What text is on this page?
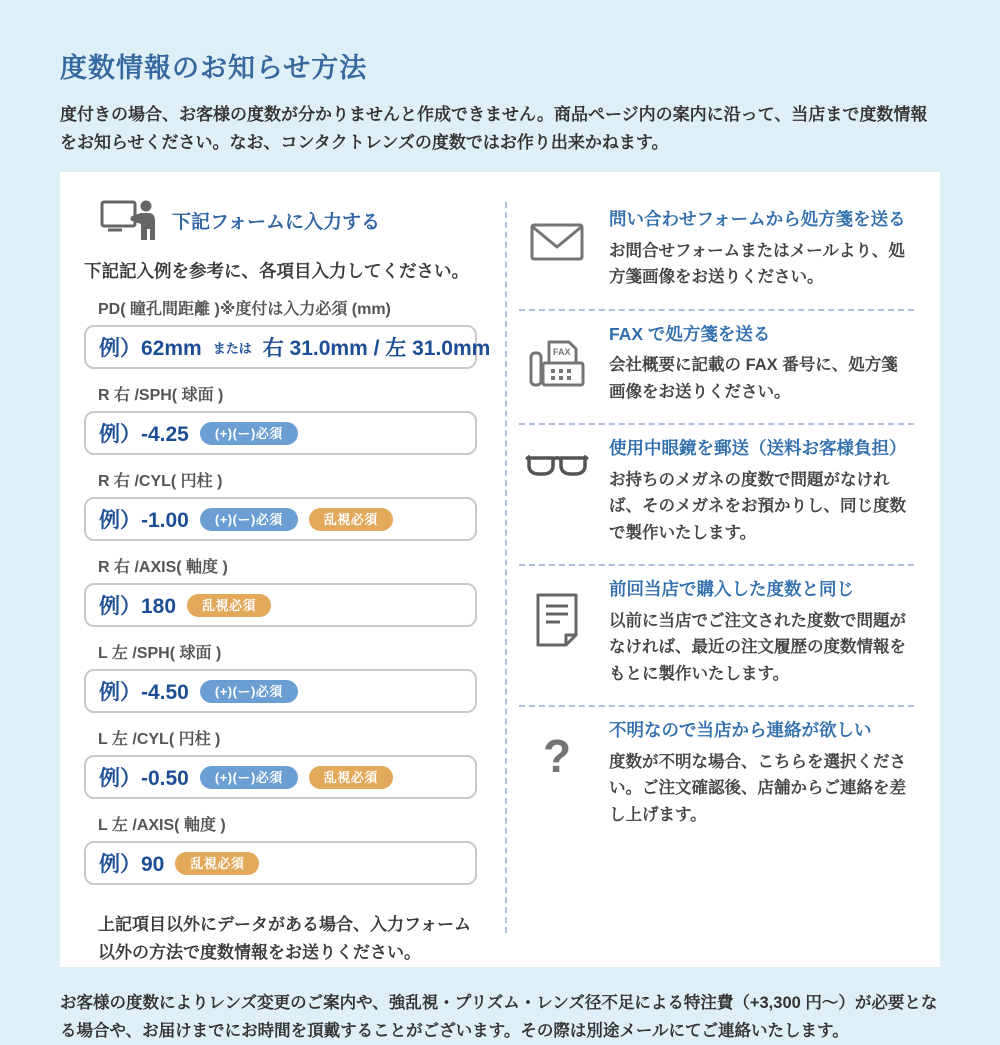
度数情報のお知らせ方法

度付きの場合、お客様の度数が分かりませんと作成できません。商品ページ内の案内に沿って、当店まで度数情報をお知らせください。なお、コンタクトレンズの度数ではお作り出来かねます。

下記フォームに入力する

下記記入例を参考に、各項目入力してください。

PD( 瞳孔間距離 )※度付は入力必須 (mm)
例）62mm または 右 31.0mm / 左 31.0mm
R 右 /SPH( 球面 )
例）-4.25	(+)(ー)必須
R 右 /CYL( 円柱 )
例）-1.00	(+)(ー)必須	乱視必須
R 右 /AXIS( 軸度 )
例）180	乱視必須
L 左 /SPH( 球面 )
例）-4.50	(+)(ー)必須
L 左 /CYL( 円柱 )
例）-0.50	(+)(ー)必須	乱視必須
L 左 /AXIS( 軸度 )
例）90	乱視必須

上記項目以外にデータがある場合、入力フォーム以外の方法で度数情報をお送りください。

問い合わせフォームから処方箋を送る
お問合せフォームまたはメールより、処方箋画像をお送りください。
FAX
FAX で処方箋を送る
会社概要に記載の FAX 番号に、処方箋画像をお送りください。
使用中眼鏡を郵送（送料お客様負担）
お持ちのメガネの度数で問題がなければ、そのメガネをお預かりし、同じ度数で製作いたします。
前回当店で購入した度数と同じ
以前に当店でご注文された度数で問題がなければ、最近の注文履歴の度数情報をもとに製作いたします。
? 不明なので当店から連絡が欲しい
度数が不明な場合、こちらを選択ください。ご注文確認後、店舗からご連絡を差し上げます。

お客様の度数によりレンズ変更のご案内や、強乱視・プリズム・レンズ径不足による特注費（+3,300 円〜）が必要となる場合や、お届けまでにお時間を頂戴することがございます。その際は別途メールにてご連絡いたします。
